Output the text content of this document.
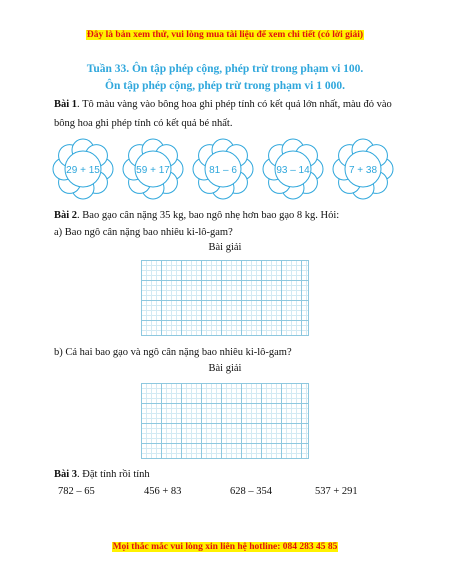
Đây là bản xem thử, vui lòng mua tài liệu để xem chi tiết (có lời giải)
Tuần 33. Ôn tập phép cộng, phép trừ trong phạm vi 100.
Ôn tập phép cộng, phép trừ trong phạm vi 1 000.
Bài 1. Tô màu vàng vào bông hoa ghi phép tính có kết quả lớn nhất, màu đỏ vào bông hoa ghi phép tính có kết quả bé nhất.
29 + 15	59 + 17	81 – 6	93 – 14	7 + 38
Bài 2. Bao gạo cân nặng 35 kg, bao ngô nhẹ hơn bao gạo 8 kg. Hỏi:
a) Bao ngô cân nặng bao nhiêu ki-lô-gam?
Bài giải
b) Cả hai bao gạo và ngô cân nặng bao nhiêu ki-lô-gam?
Bài giải
Bài 3. Đặt tính rồi tính
782 – 65	456 + 83	628 – 354	537 + 291
Mọi thắc mắc vui lòng xin liên hệ hotline: 084 283 45 85
